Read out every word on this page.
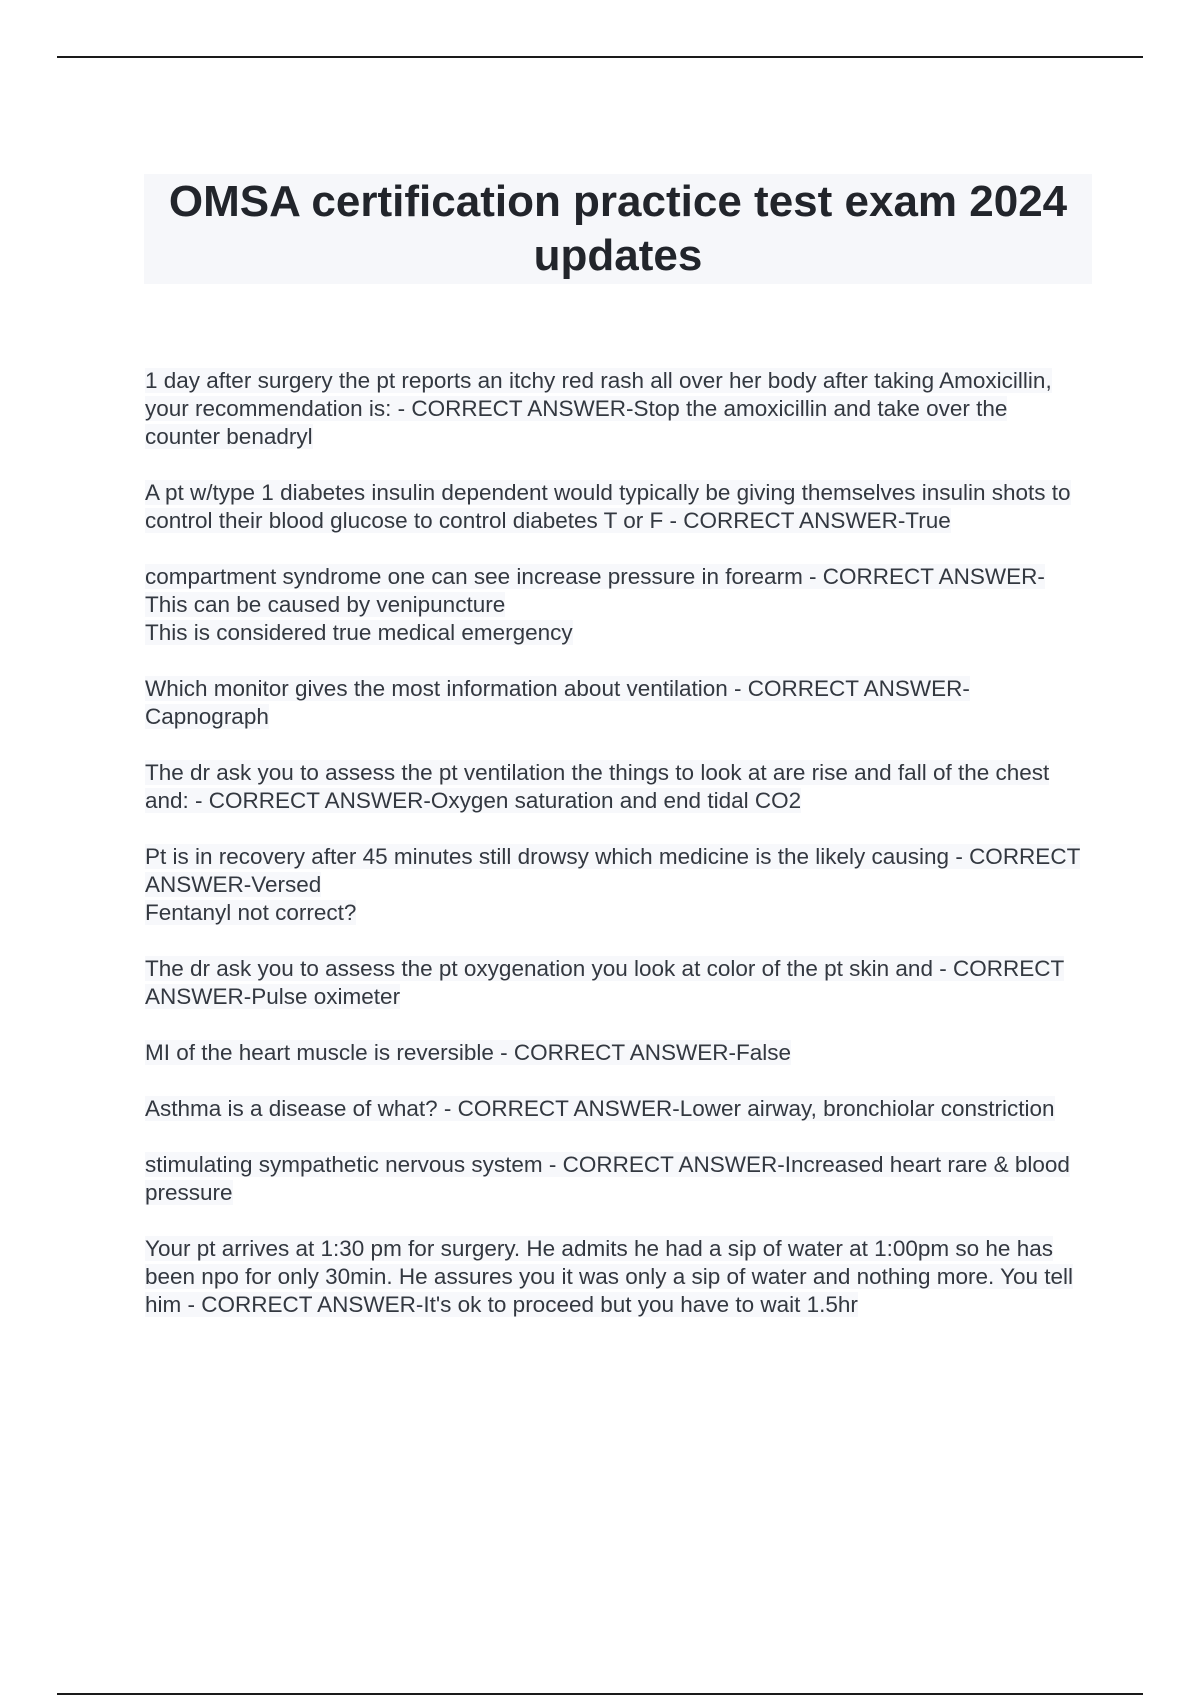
OMSA certification practice test exam 2024 updates
1 day after surgery the pt reports an itchy red rash all over her body after taking Amoxicillin, your recommendation is: - CORRECT ANSWER-Stop the amoxicillin and take over the counter benadryl
A pt w/type 1 diabetes insulin dependent would typically be giving themselves insulin shots to control their blood glucose to control diabetes T or F - CORRECT ANSWER-True
compartment syndrome one can see increase pressure in forearm - CORRECT ANSWER-This can be caused by venipuncture
This is considered true medical emergency
Which monitor gives the most information about ventilation - CORRECT ANSWER-Capnograph
The dr ask you to assess the pt ventilation the things to look at are rise and fall of the chest and: - CORRECT ANSWER-Oxygen saturation and end tidal CO2
Pt is in recovery after 45 minutes still drowsy which medicine is the likely causing - CORRECT ANSWER-Versed
Fentanyl not correct?
The dr ask you to assess the pt oxygenation you look at color of the pt skin and - CORRECT ANSWER-Pulse oximeter
MI of the heart muscle is reversible - CORRECT ANSWER-False
Asthma is a disease of what? - CORRECT ANSWER-Lower airway, bronchiolar constriction
stimulating sympathetic nervous system - CORRECT ANSWER-Increased heart rare & blood pressure
Your pt arrives at 1:30 pm for surgery. He admits he had a sip of water at 1:00pm so he has been npo for only 30min. He assures you it was only a sip of water and nothing more. You tell him - CORRECT ANSWER-It's ok to proceed but you have to wait 1.5hr
